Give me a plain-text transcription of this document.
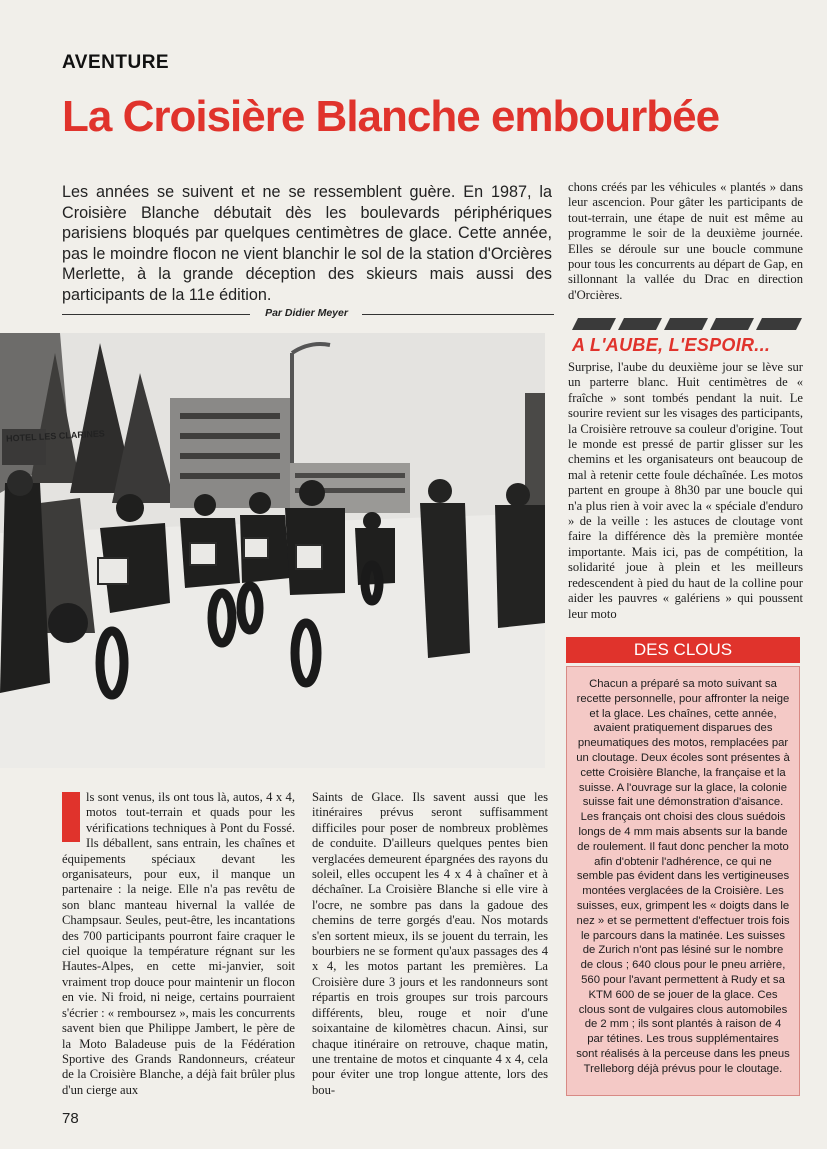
AVENTURE
La Croisière Blanche embourbée
Les années se suivent et ne se ressemblent guère. En 1987, la Croisière Blanche débutait dès les boulevards périphériques parisiens bloqués par quelques centimètres de glace. Cette année, pas le moindre flocon ne vient blanchir le sol de la station d'Orcières Merlette, à la grande déception des skieurs mais aussi des participants de la 11e édition.
Par Didier Meyer
HOTEL LES CLARINES
ls sont venus, ils ont tous là, autos, 4 x 4, motos tout-terrain et quads pour les vérifications techniques à Pont du Fossé. Ils déballent, sans entrain, les chaînes et équipements spéciaux devant les organisateurs, pour eux, il manque un partenaire : la neige. Elle n'a pas revêtu de son blanc manteau hivernal la vallée de Champsaur. Seules, peut-être, les incantations des 700 participants pourront faire craquer le ciel quoique la température régnant sur les Hautes-Alpes, en cette mi-janvier, soit vraiment trop douce pour maintenir un flocon en vie. Ni froid, ni neige, certains pourraient s'écrier : « remboursez », mais les concurrents savent bien que Philippe Jambert, le père de la Moto Baladeuse puis de la Fédération Sportive des Grands Randonneurs, créateur de la Croisière Blanche, a déjà fait brûler plus d'un cierge aux
Saints de Glace. Ils savent aussi que les itinéraires prévus seront suffisamment difficiles pour poser de nombreux problèmes de conduite. D'ailleurs quelques pentes bien verglacées demeurent épargnées des rayons du soleil, elles occupent les 4 x 4 à chaîner et à déchaîner. La Croisière Blanche si elle vire à l'ocre, ne sombre pas dans la gadoue des chemins de terre gorgés d'eau. Nos motards s'en sortent mieux, ils se jouent du terrain, les bourbiers ne se forment qu'aux passages des 4 x 4, les motos partant les premières. La Croisière dure 3 jours et les randonneurs sont répartis en trois groupes sur trois parcours différents, bleu, rouge et noir d'une soixantaine de kilomètres chacun. Ainsi, sur chaque itinéraire on retrouve, chaque matin, une trentaine de motos et cinquante 4 x 4, cela pour éviter une trop longue attente, lors des bou-
chons créés par les véhicules « plantés » dans leur ascencion. Pour gâter les participants de tout-terrain, une étape de nuit est même au programme le soir de la deuxième journée. Elles se déroule sur une boucle commune pour tous les concurrents au départ de Gap, en sillonnant la vallée du Drac en direction d'Orcières.
A L'AUBE, L'ESPOIR...
Surprise, l'aube du deuxième jour se lève sur un parterre blanc. Huit centimètres de « fraîche » sont tombés pendant la nuit. Le sourire revient sur les visages des participants, la Croisière retrouve sa couleur d'origine. Tout le monde est pressé de partir glisser sur les chemins et les organisateurs ont beaucoup de mal à retenir cette foule déchaînée. Les motos partent en groupe à 8h30 par une boucle qui n'a plus rien à voir avec la « spéciale d'enduro » de la veille : les astuces de cloutage vont faire la différence dès la première montée importante. Mais ici, pas de compétition, la solidarité joue à plein et les meilleurs redescendent à pied du haut de la colline pour aider les pauvres « galériens » qui poussent leur moto
DES CLOUS
Chacun a préparé sa moto suivant sa recette personnelle, pour affronter la neige et la glace. Les chaînes, cette année, avaient pratiquement disparues des pneumatiques des motos, remplacées par un cloutage. Deux écoles sont présentes à cette Croisière Blanche, la française et la suisse. A l'ouvrage sur la glace, la colonie suisse fait une démonstration d'aisance. Les français ont choisi des clous suédois longs de 4 mm mais absents sur la bande de roulement. Il faut donc pencher la moto afin d'obtenir l'adhérence, ce qui ne semble pas évident dans les vertigineuses montées verglacées de la Croisière. Les suisses, eux, grimpent les « doigts dans le nez » et se permettent d'effectuer trois fois le parcours dans la matinée. Les suisses de Zurich n'ont pas lésiné sur le nombre de clous ; 640 clous pour le pneu arrière, 560 pour l'avant permettent à Rudy et sa KTM 600 de se jouer de la glace. Ces clous sont de vulgaires clous automobiles de 2 mm ; ils sont plantés à raison de 4 par tétines. Les trous supplémentaires sont réalisés à la perceuse dans les pneus Trelleborg déjà prévus pour le cloutage.
78
